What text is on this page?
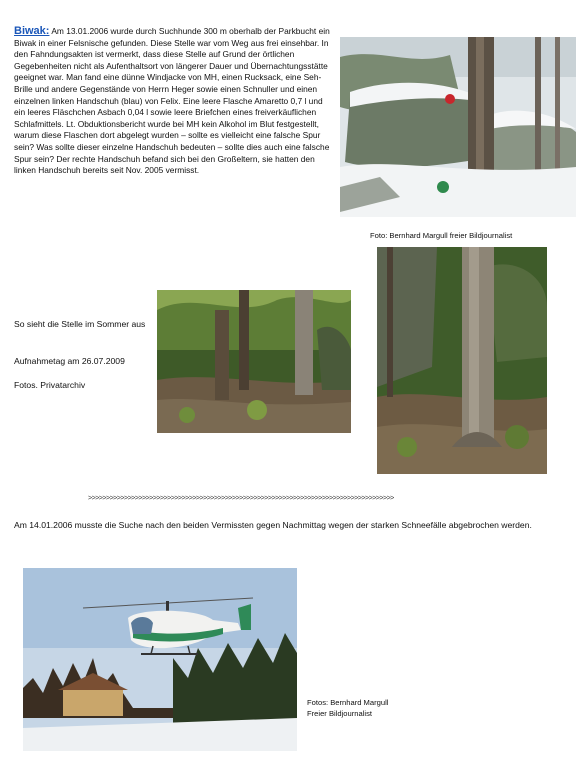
Biwak: Am 13.01.2006 wurde durch Suchhunde 300 m oberhalb der Parkbucht ein Biwak in einer Felsnische gefunden. Diese Stelle war vom Weg aus frei einsehbar. In den Fahndungsakten ist vermerkt, dass diese Stelle auf Grund der örtlichen Gegebenheiten nicht als Aufenthaltsort von längerer Dauer und Übernachtungsstätte geeignet war. Man fand eine dünne Windjacke von MH, einen Rucksack, eine Seh-Brille und andere Gegenstände von Herrn Heger sowie einen Schnuller und einen einzelnen linken Handschuh (blau) von Felix. Eine leere Flasche Amaretto 0,7 l und ein leeres Fläschchen Asbach 0,04 l sowie leere Briefchen eines freiverkäuflichen Schlafmittels. Lt. Obduktionsbericht wurde bei MH kein Alkohol im Blut festgestellt, warum diese Flaschen dort abgelegt wurden – sollte es vielleicht eine falsche Spur sein? Was sollte dieser einzelne Handschuh bedeuten – sollte dies auch eine falsche Spur sein? Der rechte Handschuh befand sich bei den Großeltern, sie hatten den linken Handschuh bereits seit Nov. 2005 vermisst.
Foto: Bernhard Margull freier Bildjournalist
So sieht die Stelle im Sommer aus
Aufnahmetag am 26.07.2009
Fotos. Privatarchiv
>>>>>>>>>>>>>>>>>>>>>>>>>>>>>>>>>>>>>>>>>>>>>>>>>>>>>>>>>>>>>>>>>>>>>>>>>>>>>>>>>>>>>
Am 14.01.2006 musste die Suche nach den beiden Vermissten gegen Nachmittag wegen der starken Schneefälle abgebrochen werden.
Fotos: Bernhard Margull
Freier Bildjournalist
